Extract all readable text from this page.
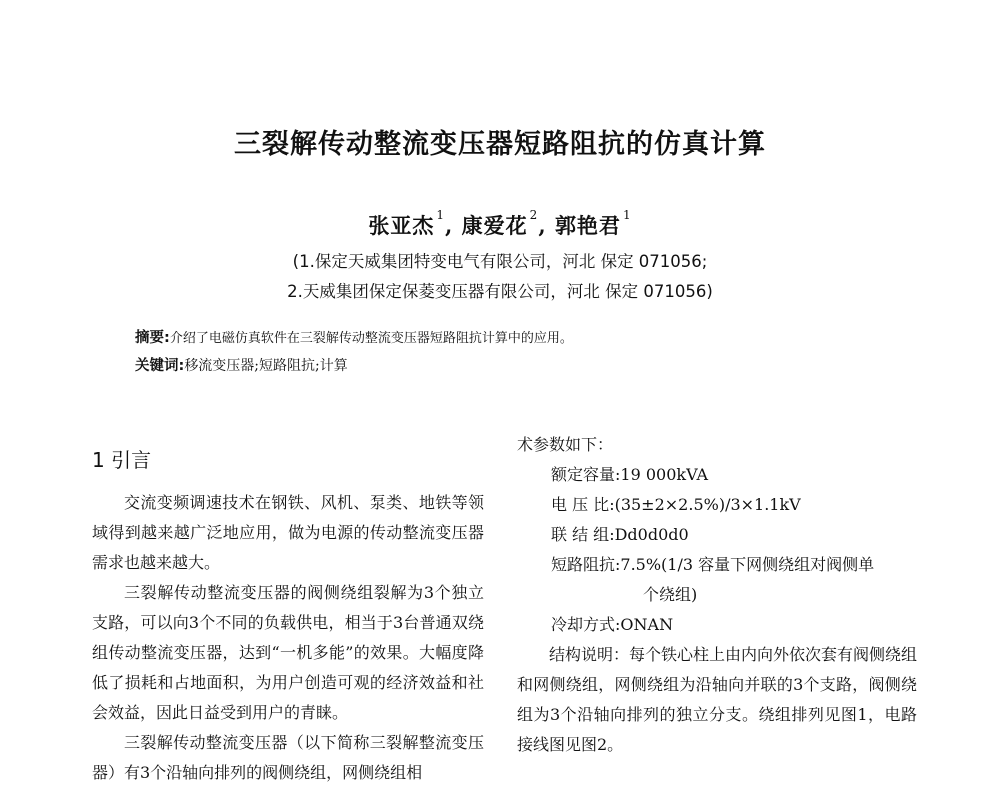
三裂解传动整流变压器短路阻抗的仿真计算
张亚杰 $^1$, 康爱花 $^2$, 郭艳君 $^1$
(1.保定天威集团特变电气有限公司，河北 保定 071056;
2.天威集团保定保菱变压器有限公司，河北 保定 071056)
摘要:介绍了电磁仿真软件在三裂解传动整流变压器短路阻抗计算中的应用。
关键词:移流变压器;短路阻抗;计算
1 引言

交流变频调速技术在钢铁、风机、泵类、地铁等领域得到越来越广泛地应用，做为电源的传动整流变压器需求也越来越大。

三裂解传动整流变压器的阀侧绕组裂解为3个独立支路，可以向3个不同的负载供电，相当于3台普通双绕组传动整流变压器，达到“一机多能”的效果。大幅度降低了损耗和占地面积，为用户创造可观的经济效益和社会效益，因此日益受到用户的青睐。

三裂解传动整流变压器（以下简称三裂解整流变压器）有3个沿轴向排列的阀侧绕组，网侧绕组相

术参数如下：

额定容量:19 000kVA

电 压 比:(35±2×2.5%)/3×1.1kV

联 结 组:Dd0d0d0

短路阻抗:7.5%(1/3 容量下网侧绕组对阀侧单

个绕组)

冷却方式:ONAN

结构说明：每个铁心柱上由内向外依次套有阀侧绕组和网侧绕组，网侧绕组为沿轴向并联的3个支路，阀侧绕组为3个沿轴向排列的独立分支。绕组排列见图1，电路接线图见图2。
